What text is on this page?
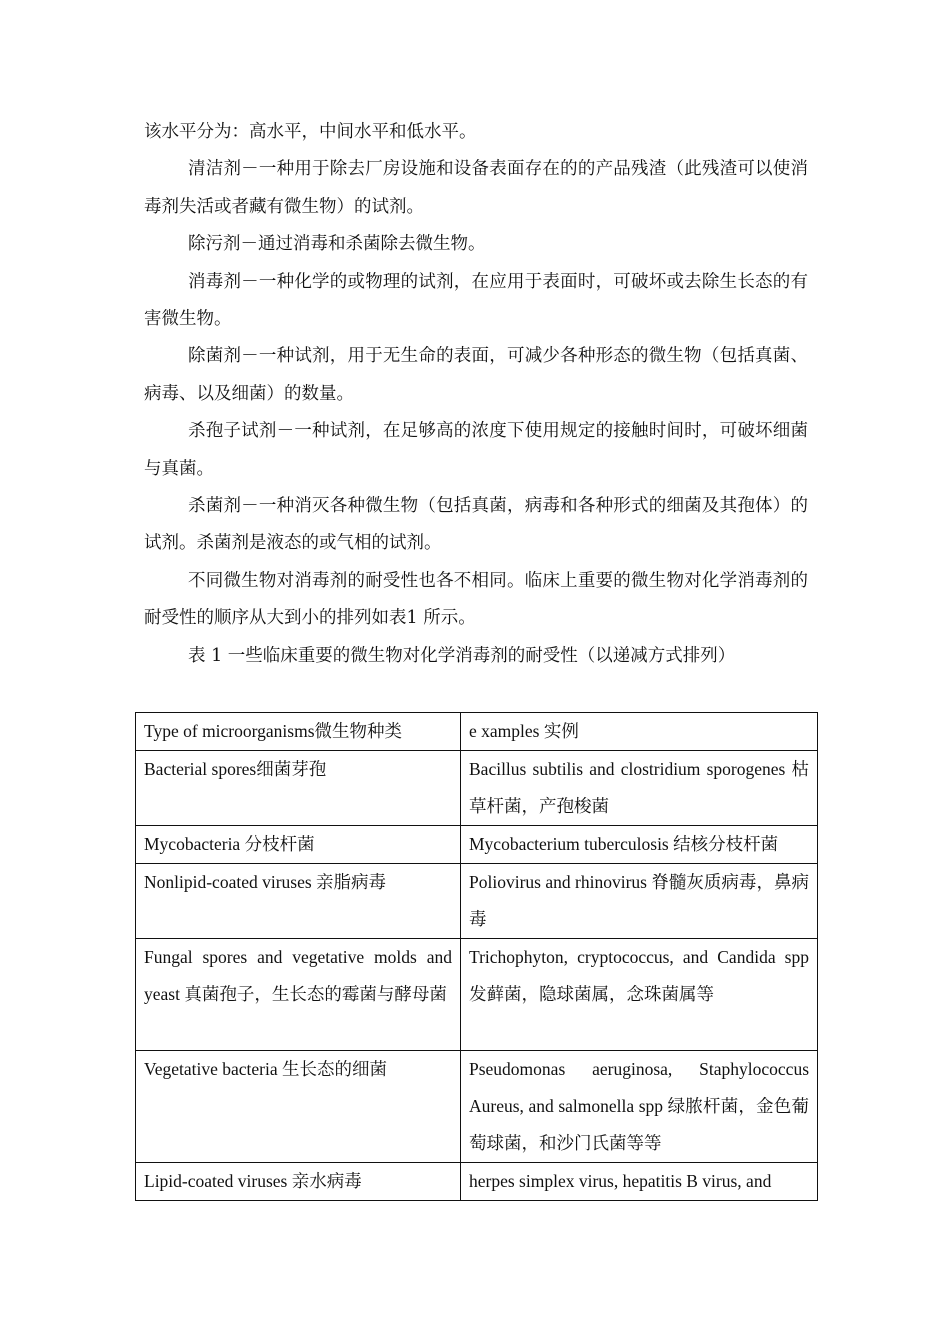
该水平分为：高水平，中间水平和低水平。

清洁剂－一种用于除去厂房设施和设备表面存在的的产品残渣（此残渣可以使消毒剂失活或者藏有微生物）的试剂。

除污剂－通过消毒和杀菌除去微生物。

消毒剂－一种化学的或物理的试剂，在应用于表面时，可破坏或去除生长态的有害微生物。

除菌剂－一种试剂，用于无生命的表面，可减少各种形态的微生物（包括真菌、病毒、以及细菌）的数量。

杀孢子试剂－一种试剂，在足够高的浓度下使用规定的接触时间时，可破坏细菌与真菌。

杀菌剂－一种消灭各种微生物（包括真菌，病毒和各种形式的细菌及其孢体）的试剂。杀菌剂是液态的或气相的试剂。

不同微生物对消毒剂的耐受性也各不相同。临床上重要的微生物对化学消毒剂的耐受性的顺序从大到小的排列如表1 所示。

表 1 一些临床重要的微生物对化学消毒剂的耐受性（以递减方式排列）

Type of microorganisms微生物种类	e xamples 实例

Bacterial spores细菌芽孢	Bacillus subtilis and clostridium sporogenes 枯草杆菌，产孢梭菌

Mycobacteria 分枝杆菌	Mycobacterium tuberculosis 结核分枝杆菌

Nonlipid-coated viruses 亲脂病毒	Poliovirus and rhinovirus 脊髓灰质病毒，鼻病毒

Fungal spores and vegetative molds and yeast 真菌孢子，生长态的霉菌与酵母菌	Trichophyton, cryptococcus, and Candida spp 发藓菌，隐球菌属，念珠菌属等

Vegetative bacteria 生长态的细菌	Pseudomonas aeruginosa, Staphylococcus Aureus, and salmonella spp 绿脓杆菌，金色葡萄球菌，和沙门氏菌等等

Lipid-coated viruses 亲水病毒	herpes simplex virus, hepatitis B virus, and
